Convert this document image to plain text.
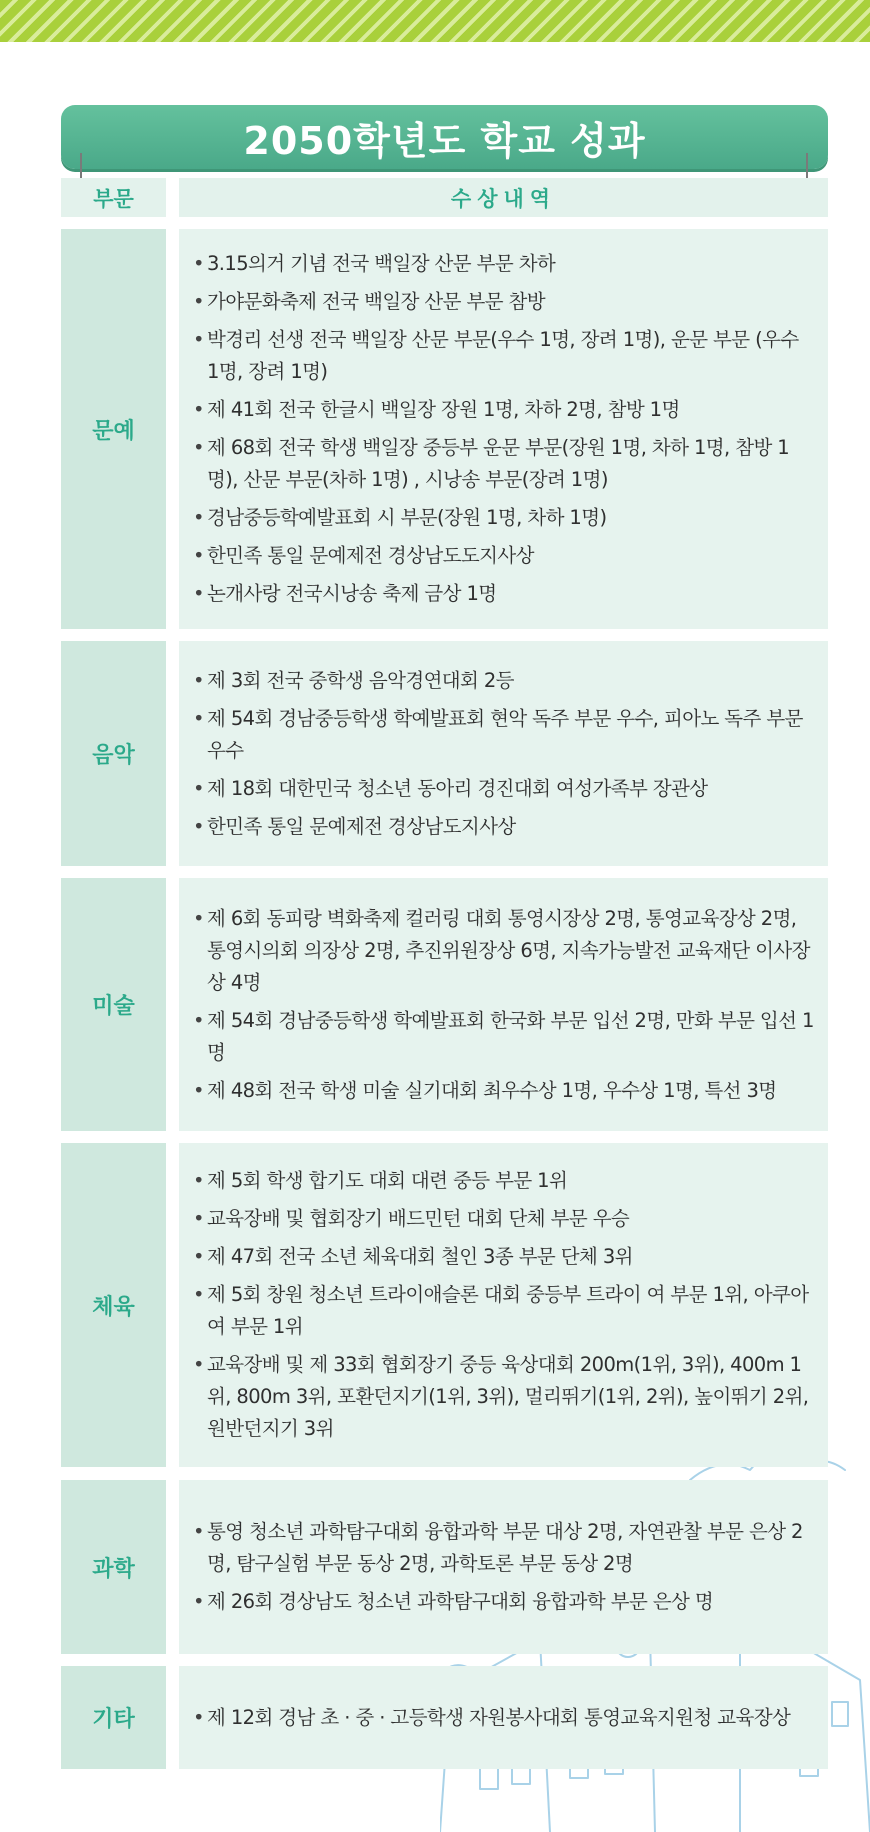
2050학년도 학교 성과
부문	수상내역
문예
• 3.15의거 기념 전국 백일장 산문 부문 차하
• 가야문화축제 전국 백일장 산문 부문 참방
• 박경리 선생 전국 백일장 산문 부문(우수 1명, 장려 1명), 운문 부문 (우수 1명, 장려 1명)
• 제 41회 전국 한글시 백일장 장원 1명, 차하 2명, 참방 1명
• 제 68회 전국 학생 백일장 중등부 운문 부문(장원 1명, 차하 1명, 참방 1명), 산문 부문(차하 1명) , 시낭송 부문(장려 1명)
• 경남중등학예발표회 시 부문(장원 1명, 차하 1명)
• 한민족 통일 문예제전 경상남도도지사상
• 논개사랑 전국시낭송 축제 금상 1명
음악
• 제 3회 전국 중학생 음악경연대회 2등
• 제 54회 경남중등학생 학예발표회 현악 독주 부문 우수, 피아노 독주 부문 우수
• 제 18회 대한민국 청소년 동아리 경진대회 여성가족부 장관상
• 한민족 통일 문예제전 경상남도지사상
미술
• 제 6회 동피랑 벽화축제 컬러링 대회 통영시장상 2명, 통영교육장상 2명, 통영시의회 의장상 2명, 추진위원장상 6명, 지속가능발전 교육재단 이사장상 4명
• 제 54회 경남중등학생 학예발표회 한국화 부문 입선 2명, 만화 부문 입선 1명
• 제 48회 전국 학생 미술 실기대회 최우수상 1명, 우수상 1명, 특선 3명
체육
• 제 5회 학생 합기도 대회 대련 중등 부문 1위
• 교육장배 및 협회장기 배드민턴 대회 단체 부문 우승
• 제 47회 전국 소년 체육대회 철인 3종 부문 단체 3위
• 제 5회 창원 청소년 트라이애슬론 대회 중등부 트라이 여 부문 1위, 아쿠아 여 부문 1위
• 교육장배 및 제 33회 협회장기 중등 육상대회 200m(1위, 3위), 400m 1위, 800m 3위, 포환던지기(1위, 3위), 멀리뛰기(1위, 2위), 높이뛰기 2위, 원반던지기 3위
과학
• 통영 청소년 과학탐구대회 융합과학 부문 대상 2명, 자연관찰 부문 은상 2명, 탐구실험 부문 동상 2명, 과학토론 부문 동상 2명
• 제 26회 경상남도 청소년 과학탐구대회 융합과학 부문 은상 명
기타
•	제 12회 경남 초 · 중 · 고등학생 자원봉사대회 통영교육지원청 교육장상
